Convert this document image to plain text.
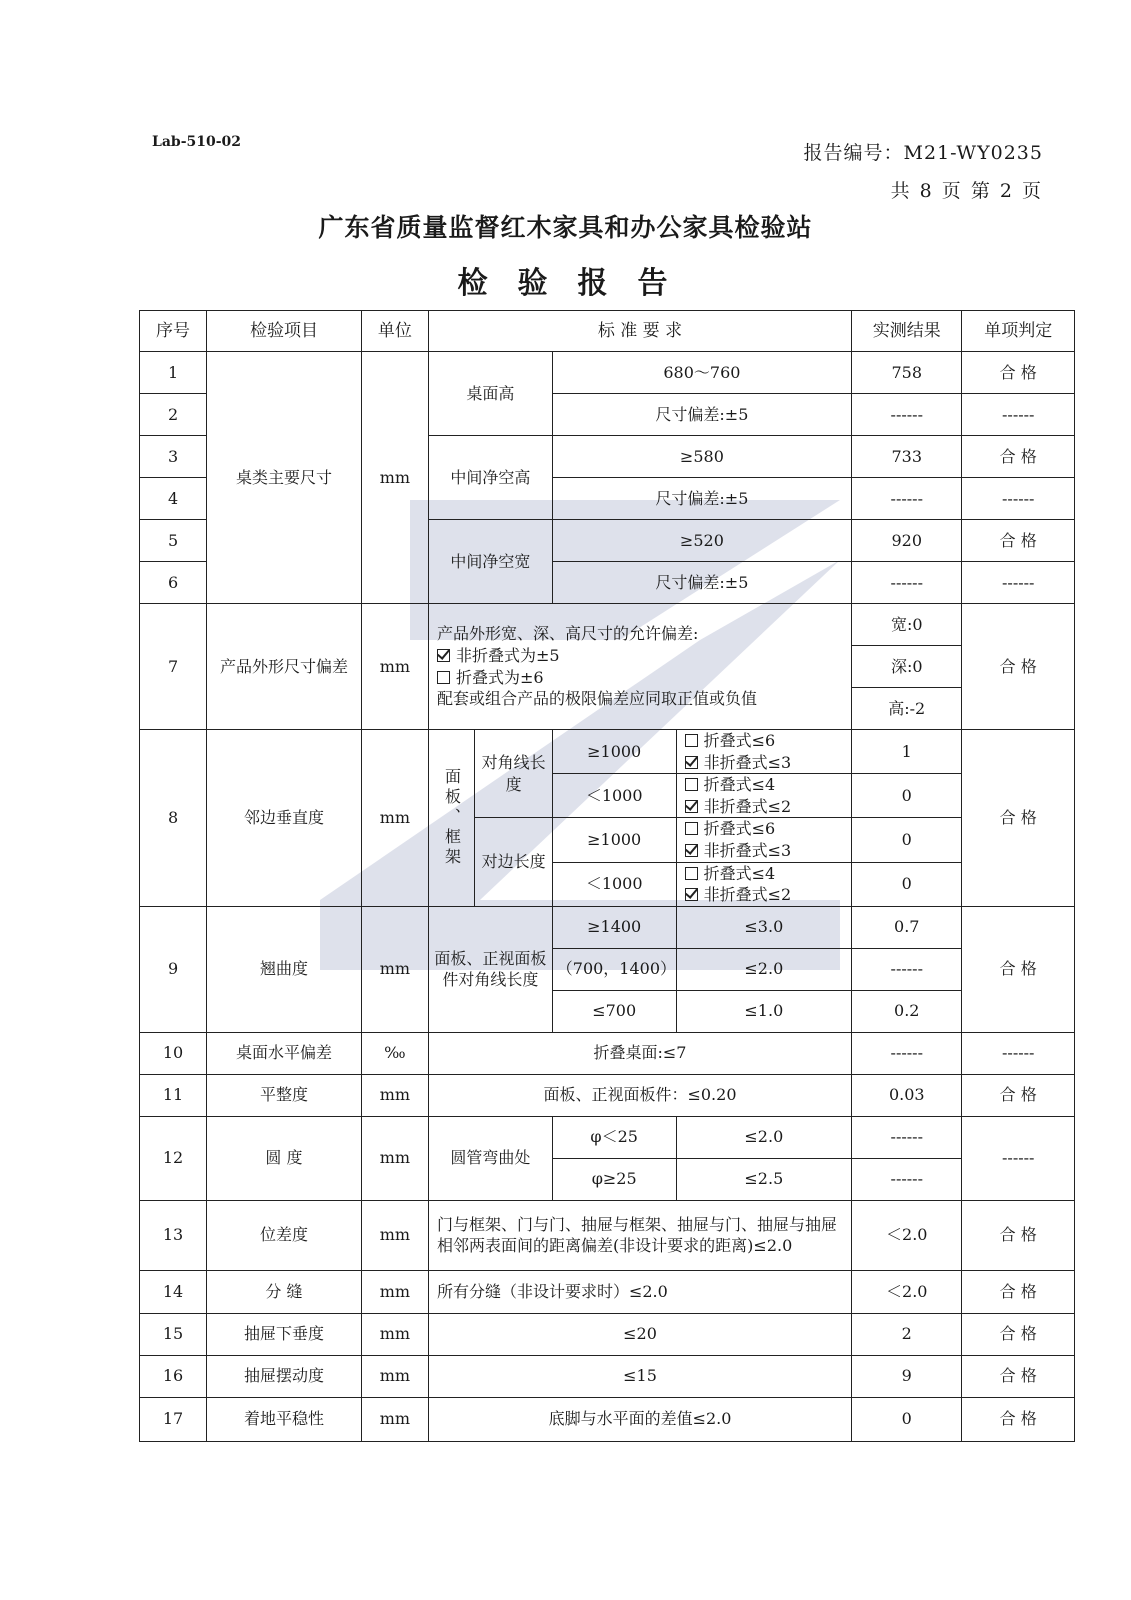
Lab-510-02	报告编号：M21-WY0235
共 8 页 第 2 页
广东省质量监督红木家具和办公家具检验站
检验报告
序号	检验项目	单位	标 准 要 求				实测结果	单项判定
1	桌类主要尺寸	mm	桌面高		680～760		758	合 格
2					尺寸偏差:±5		------	------
3			中间净空高		≥580		733	合 格
4					尺寸偏差:±5		------	------
5			中间净空宽		≥520		920	合 格
6					尺寸偏差:±5		------	------
7	产品外形尺寸偏差	mm	产品外形宽、深、高尺寸的允许偏差:
非折叠式为±5
折叠式为±6
配套或组合产品的极限偏差应同取正值或负值				宽:0	合 格
							深:0	
							高:-2	
8	邻边垂直度	mm	面板、框架	对角线长度	≥1000	折叠式≤6
非折叠式≤3	1	合 格
					＜1000	折叠式≤4
非折叠式≤2	0	
				对边长度	≥1000	折叠式≤6
非折叠式≤3	0	
					＜1000	折叠式≤4
非折叠式≤2	0	
9	翘曲度	mm	面板、正视面板件对角线长度		≥1400	≤3.0	0.7	合 格
					（700，1400）	≤2.0	------	
					≤700	≤1.0	0.2	
10	桌面水平偏差	‰	折叠桌面:≤7				------	------
11	平整度	mm	面板、正视面板件：≤0.20				0.03	合 格
12	圆 度	mm	圆管弯曲处		φ＜25	≤2.0	------	------
					φ≥25	≤2.5	------	
13	位差度	mm	门与框架、门与门、抽屉与框架、抽屉与门、抽屉与抽屉相邻两表面间的距离偏差(非设计要求的距离)≤2.0				＜2.0	合 格
14	分 缝	mm	所有分缝（非设计要求时）≤2.0				＜2.0	合 格
15	抽屉下垂度	mm	≤20				2	合 格
16	抽屉摆动度	mm	≤15				9	合 格
17	着地平稳性	mm	底脚与水平面的差值≤2.0				0	合 格
